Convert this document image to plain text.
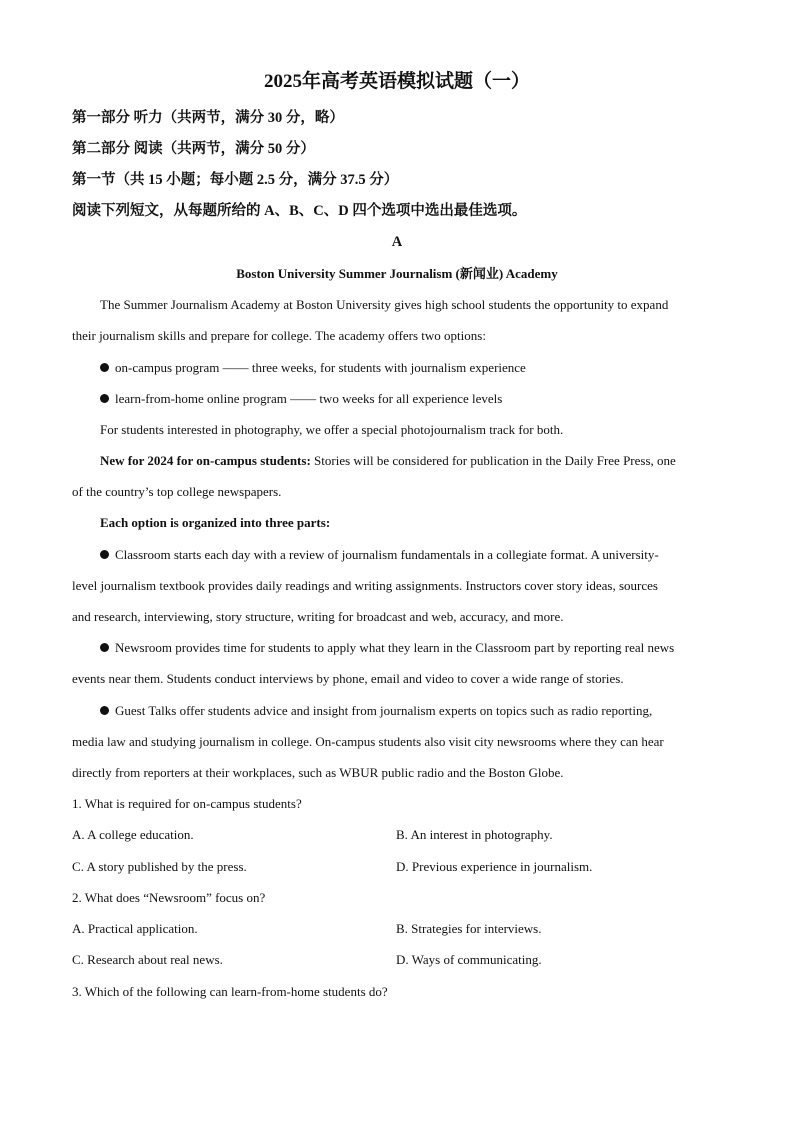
2025年高考英语模拟试题（一）
第一部分 听力（共两节，满分 30 分，略）
第二部分 阅读（共两节，满分 50 分）
第一节（共 15 小题；每小题 2.5 分，满分 37.5 分）
阅读下列短文，从每题所给的 A、B、C、D 四个选项中选出最佳选项。
A
Boston University Summer Journalism (新闻业) Academy
The Summer Journalism Academy at Boston University gives high school students the opportunity to expand
their journalism skills and prepare for college. The academy offers two options:
on-campus program —— three weeks, for students with journalism experience
learn-from-home online program —— two weeks for all experience levels
For students interested in photography, we offer a special photojournalism track for both.
New for 2024 for on-campus students: Stories will be considered for publication in the Daily Free Press, one
of the country’s top college newspapers.
Each option is organized into three parts:
Classroom starts each day with a review of journalism fundamentals in a collegiate format. A university-
level journalism textbook provides daily readings and writing assignments. Instructors cover story ideas, sources
and research, interviewing, story structure, writing for broadcast and web, accuracy, and more.
Newsroom provides time for students to apply what they learn in the Classroom part by reporting real news
events near them. Students conduct interviews by phone, email and video to cover a wide range of stories.
Guest Talks offer students advice and insight from journalism experts on topics such as radio reporting,
media law and studying journalism in college. On-campus students also visit city newsrooms where they can hear
directly from reporters at their workplaces, such as WBUR public radio and the Boston Globe.
1. What is required for on-campus students?
A. A college education.	B. An interest in photography.
C. A story published by the press.	D. Previous experience in journalism.
2. What does “Newsroom” focus on?
A. Practical application.	B. Strategies for interviews.
C. Research about real news.	D. Ways of communicating.
3. Which of the following can learn-from-home students do?
